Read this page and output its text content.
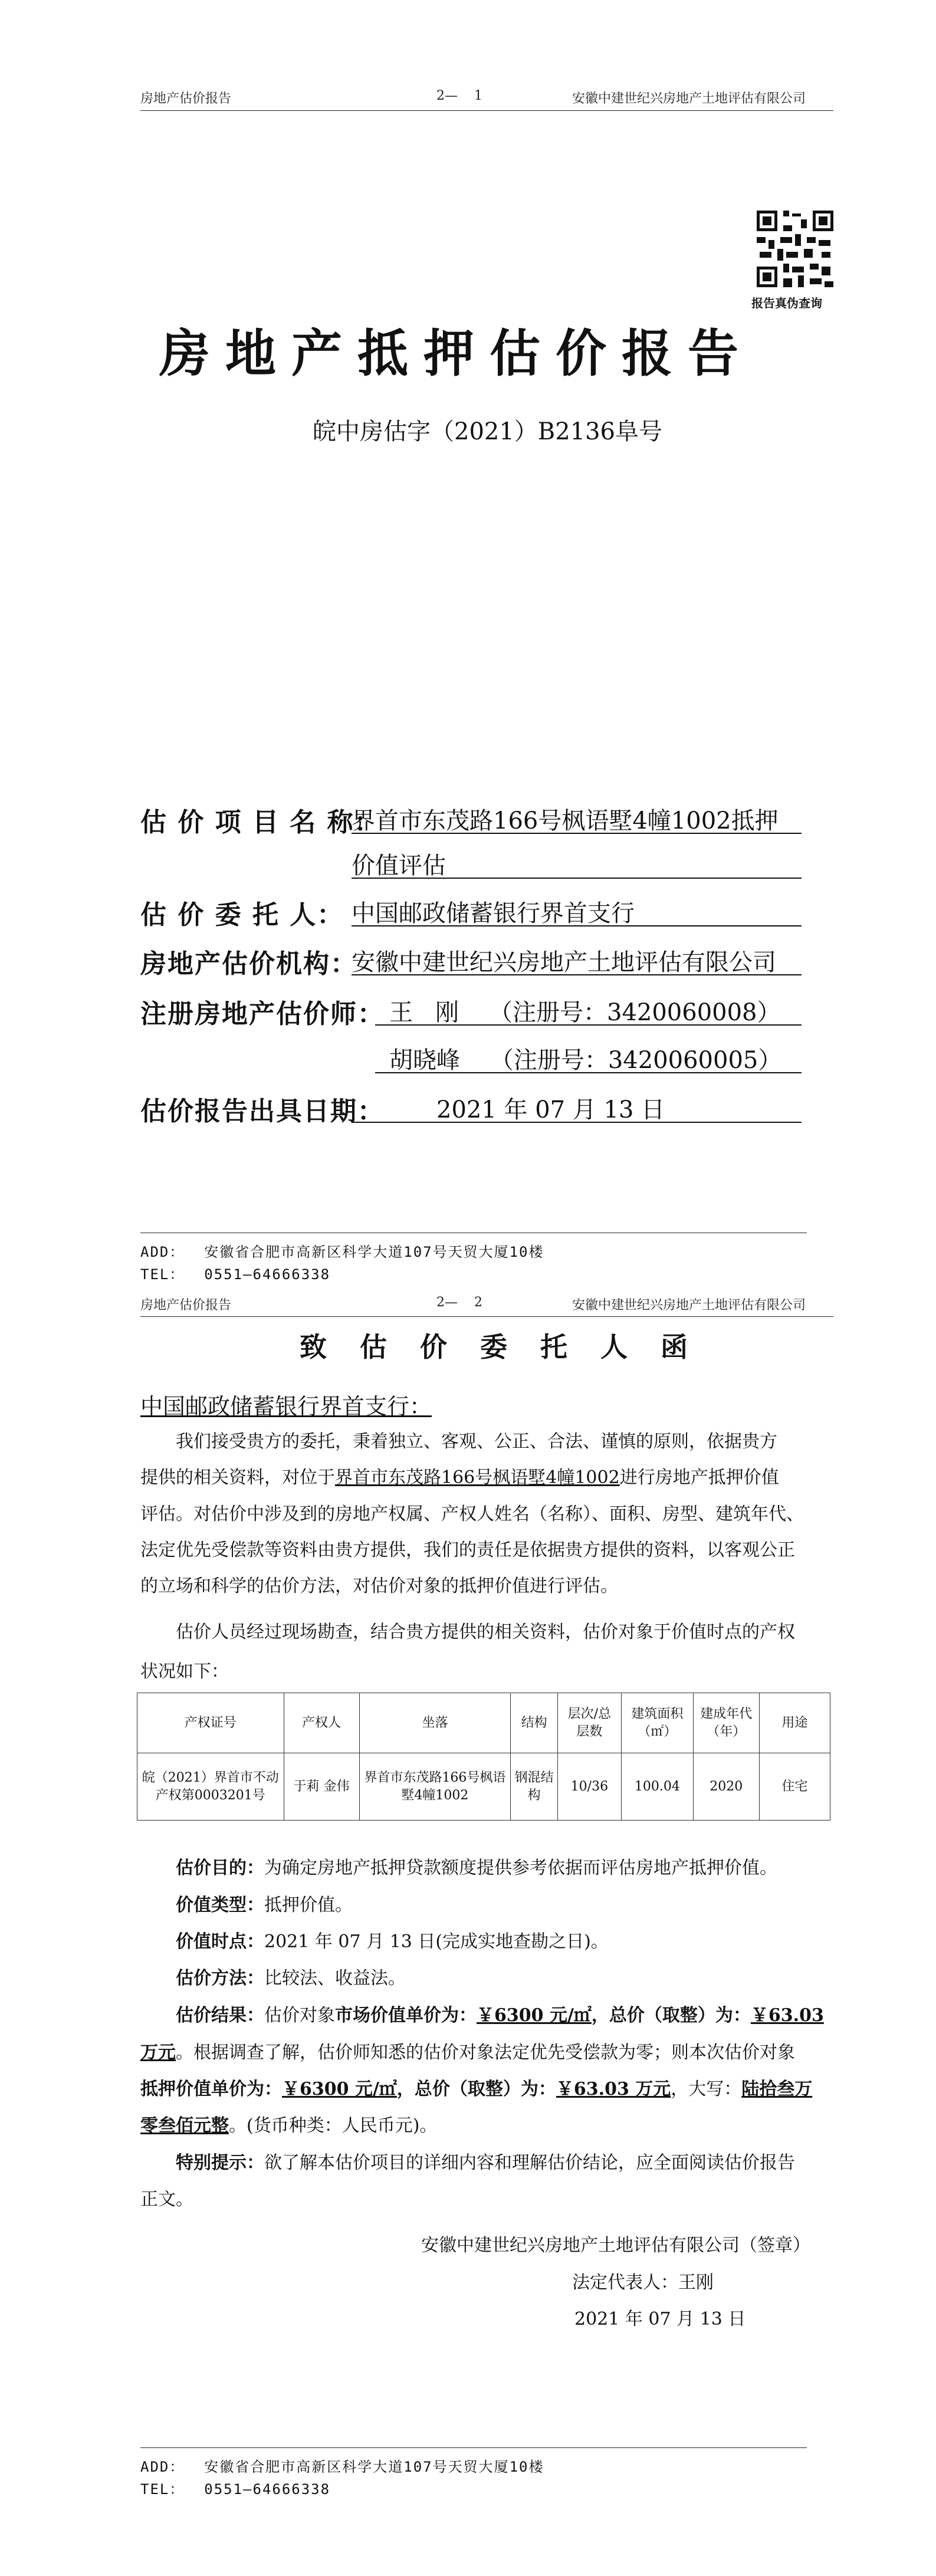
房地产估价报告	2—    1	安徽中建世纪兴房地产土地评估有限公司
报告真伪查询
房地产抵押估价报告
皖中房估字（2021）B2136阜号
估 价 项 目 名 称：
界首市东茂路166号枫语墅4幢1002抵押
价值评估
估 价 委 托 人： 中国邮政储蓄银行界首支行
房地产估价机构：
安徽中建世纪兴房地产土地评估有限公司
注册房地产估价师： 王   刚    （注册号：3420060008）
胡晓峰    （注册号：3420060005）
估价报告出具日期： 2021 年 07 月 13 日
ADD：  安徽省合肥市高新区科学大道107号天贸大厦10楼
TEL：  0551—64666338
房地产估价报告	2—    2	安徽中建世纪兴房地产土地评估有限公司
致估价委托人函
中国邮政储蓄银行界首支行：
我们接受贵方的委托，秉着独立、客观、公正、合法、谨慎的原则，依据贵方
提供的相关资料，对位于界首市东茂路166号枫语墅4幢1002进行房地产抵押价值
评估。对估价中涉及到的房地产权属、产权人姓名（名称）、面积、房型、建筑年代、
法定优先受偿款等资料由贵方提供，我们的责任是依据贵方提供的资料，以客观公正
的立场和科学的估价方法，对估价对象的抵押价值进行评估。
估价人员经过现场勘查，结合贵方提供的相关资料，估价对象于价值时点的产权
状况如下：
产权证号	产权人	坐落	结构	层次/总层数	建筑面积（㎡）	建成年代（年）	用途
皖（2021）界首市不动产权第0003201号	于莉 金伟	界首市东茂路166号枫语墅4幢1002	钢混结构	10/36	100.04	2020	住宅
估价目的：为确定房地产抵押贷款额度提供参考依据而评估房地产抵押价值。
价值类型：抵押价值。
价值时点：2021 年 07 月 13 日(完成实地查勘之日)。
估价方法：比较法、收益法。
估价结果：估价对象市场价值单价为：￥6300 元/㎡，总价（取整）为：￥63.03
万元。根据调查了解，估价师知悉的估价对象法定优先受偿款为零；则本次估价对象
抵押价值单价为：￥6300 元/㎡，总价（取整）为：￥63.03 万元，大写：陆拾叁万
零叁佰元整。(货币种类：人民币元)。
特别提示：欲了解本估价项目的详细内容和理解估价结论，应全面阅读估价报告
正文。
安徽中建世纪兴房地产土地评估有限公司（签章）
法定代表人：王刚
2021 年 07 月 13 日
ADD：  安徽省合肥市高新区科学大道107号天贸大厦10楼
TEL：  0551—64666338
